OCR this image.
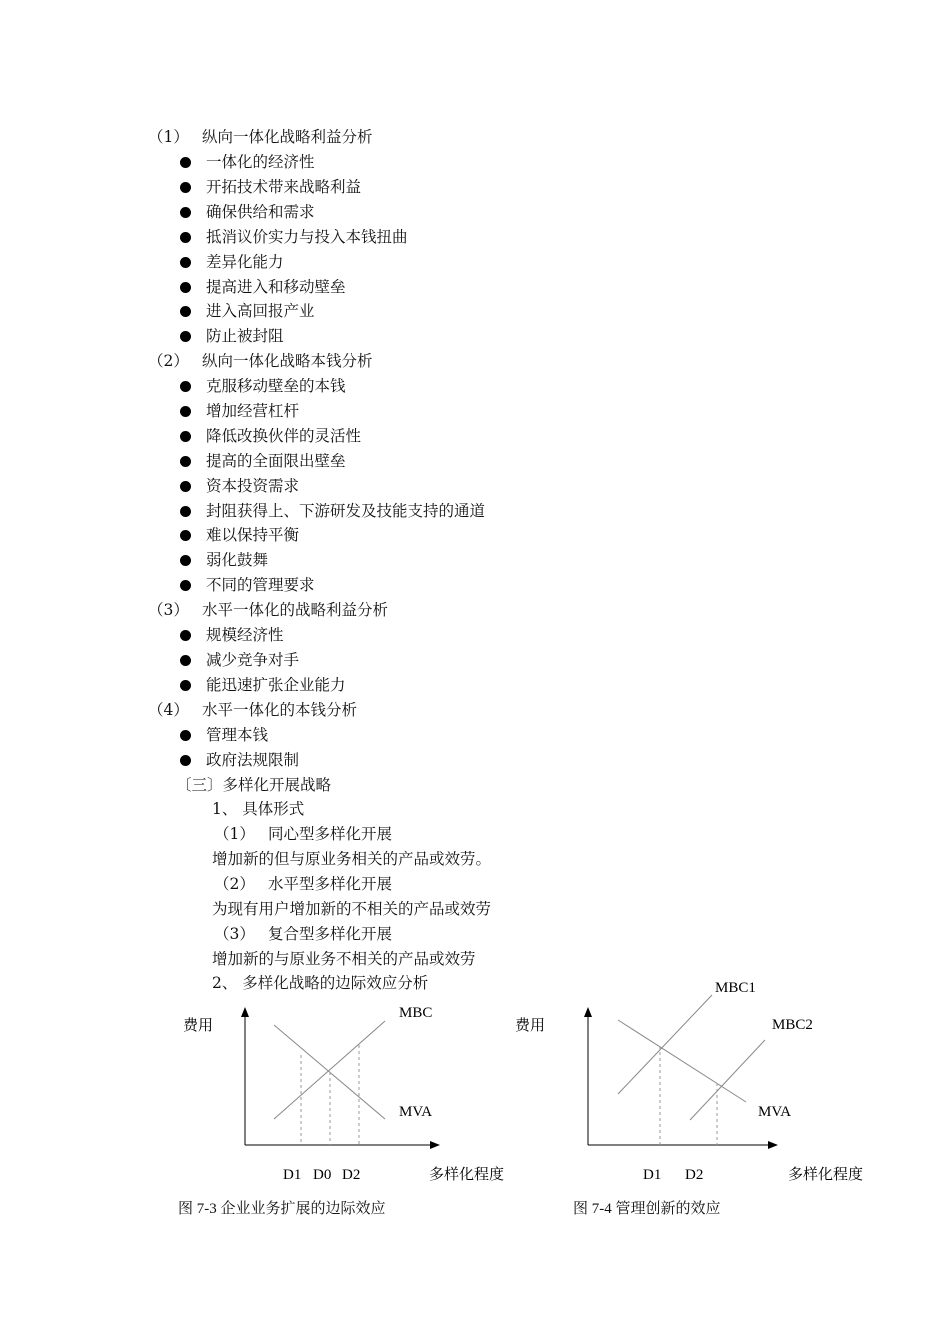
（1） 纵向一体化战略利益分析
一体化的经济性
开拓技术带来战略利益
确保供给和需求
抵消议价实力与投入本钱扭曲
差异化能力
提高进入和移动壁垒
进入高回报产业
防止被封阻
（2） 纵向一体化战略本钱分析
克服移动壁垒的本钱
增加经营杠杆
降低改换伙伴的灵活性
提高的全面限出壁垒
资本投资需求
封阻获得上、下游研发及技能支持的通道
难以保持平衡
弱化鼓舞
不同的管理要求
（3） 水平一体化的战略利益分析
规模经济性
减少竞争对手
能迅速扩张企业能力
（4） 水平一体化的本钱分析
管理本钱
政府法规限制
〔三〕多样化开展战略
1、 具体形式
（1） 同心型多样化开展
增加新的但与原业务相关的产品或效劳。
（2） 水平型多样化开展
为现有用户增加新的不相关的产品或效劳
（3） 复合型多样化开展
增加新的与原业务不相关的产品或效劳
2、 多样化战略的边际效应分析
费用
MBC
MVA
D1 D0 D2	多样化程度
图 7-3 企业业务扩展的边际效应
费用
MBC1
MBC2
MVA
D1 D2	多样化程度
图 7-4 管理创新的效应
